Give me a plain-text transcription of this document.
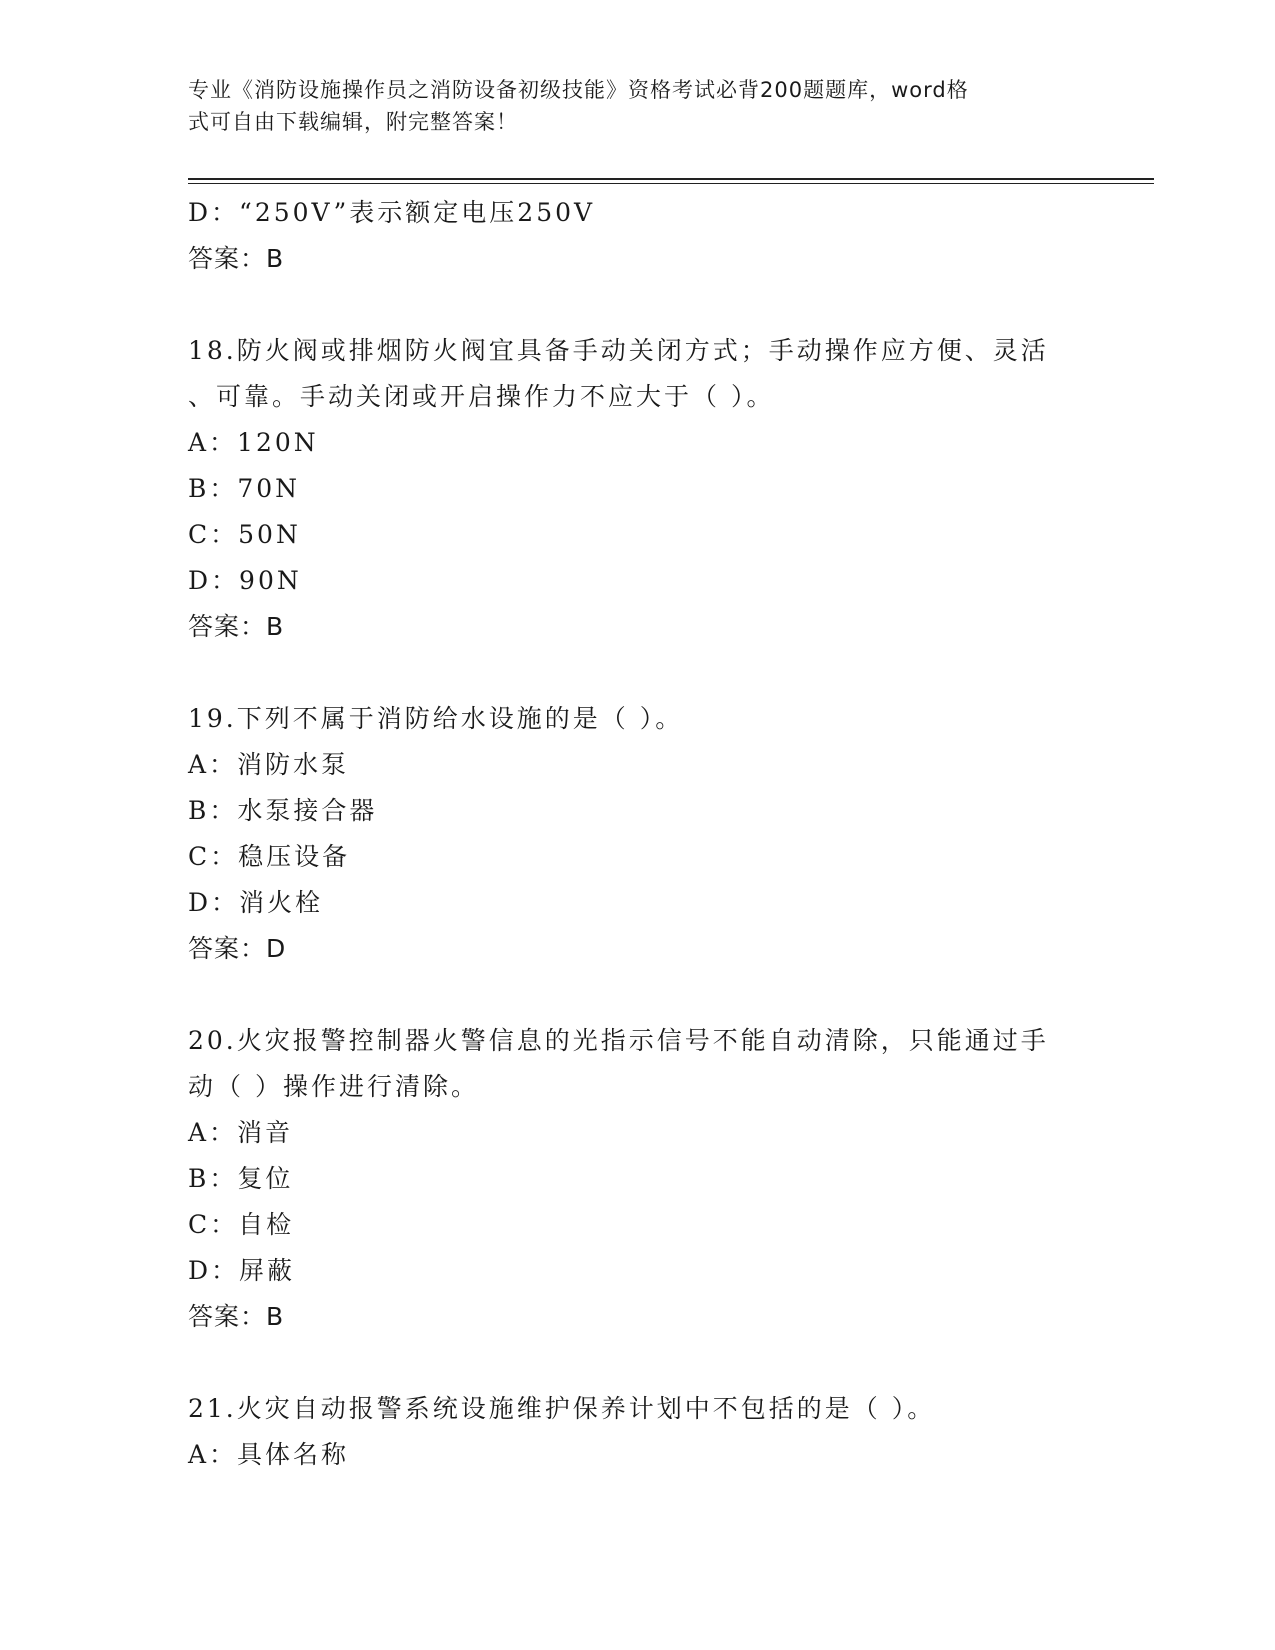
专业《消防设施操作员之消防设备初级技能》资格考试必背200题题库，word格
式可自由下载编辑，附完整答案！
D：“250V”表示额定电压250V
答案：B
18.防火阀或排烟防火阀宜具备手动关闭方式；手动操作应方便、灵活
、可靠。手动关闭或开启操作力不应大于（ ）。
A：120N
B：70N
C：50N
D：90N
答案：B
19.下列不属于消防给水设施的是（ ）。
A：消防水泵
B：水泵接合器
C：稳压设备
D：消火栓
答案：D
20.火灾报警控制器火警信息的光指示信号不能自动清除，只能通过手
动（ ）操作进行清除。
A：消音
B：复位
C：自检
D：屏蔽
答案：B
21.火灾自动报警系统设施维护保养计划中不包括的是（ ）。
A：具体名称
